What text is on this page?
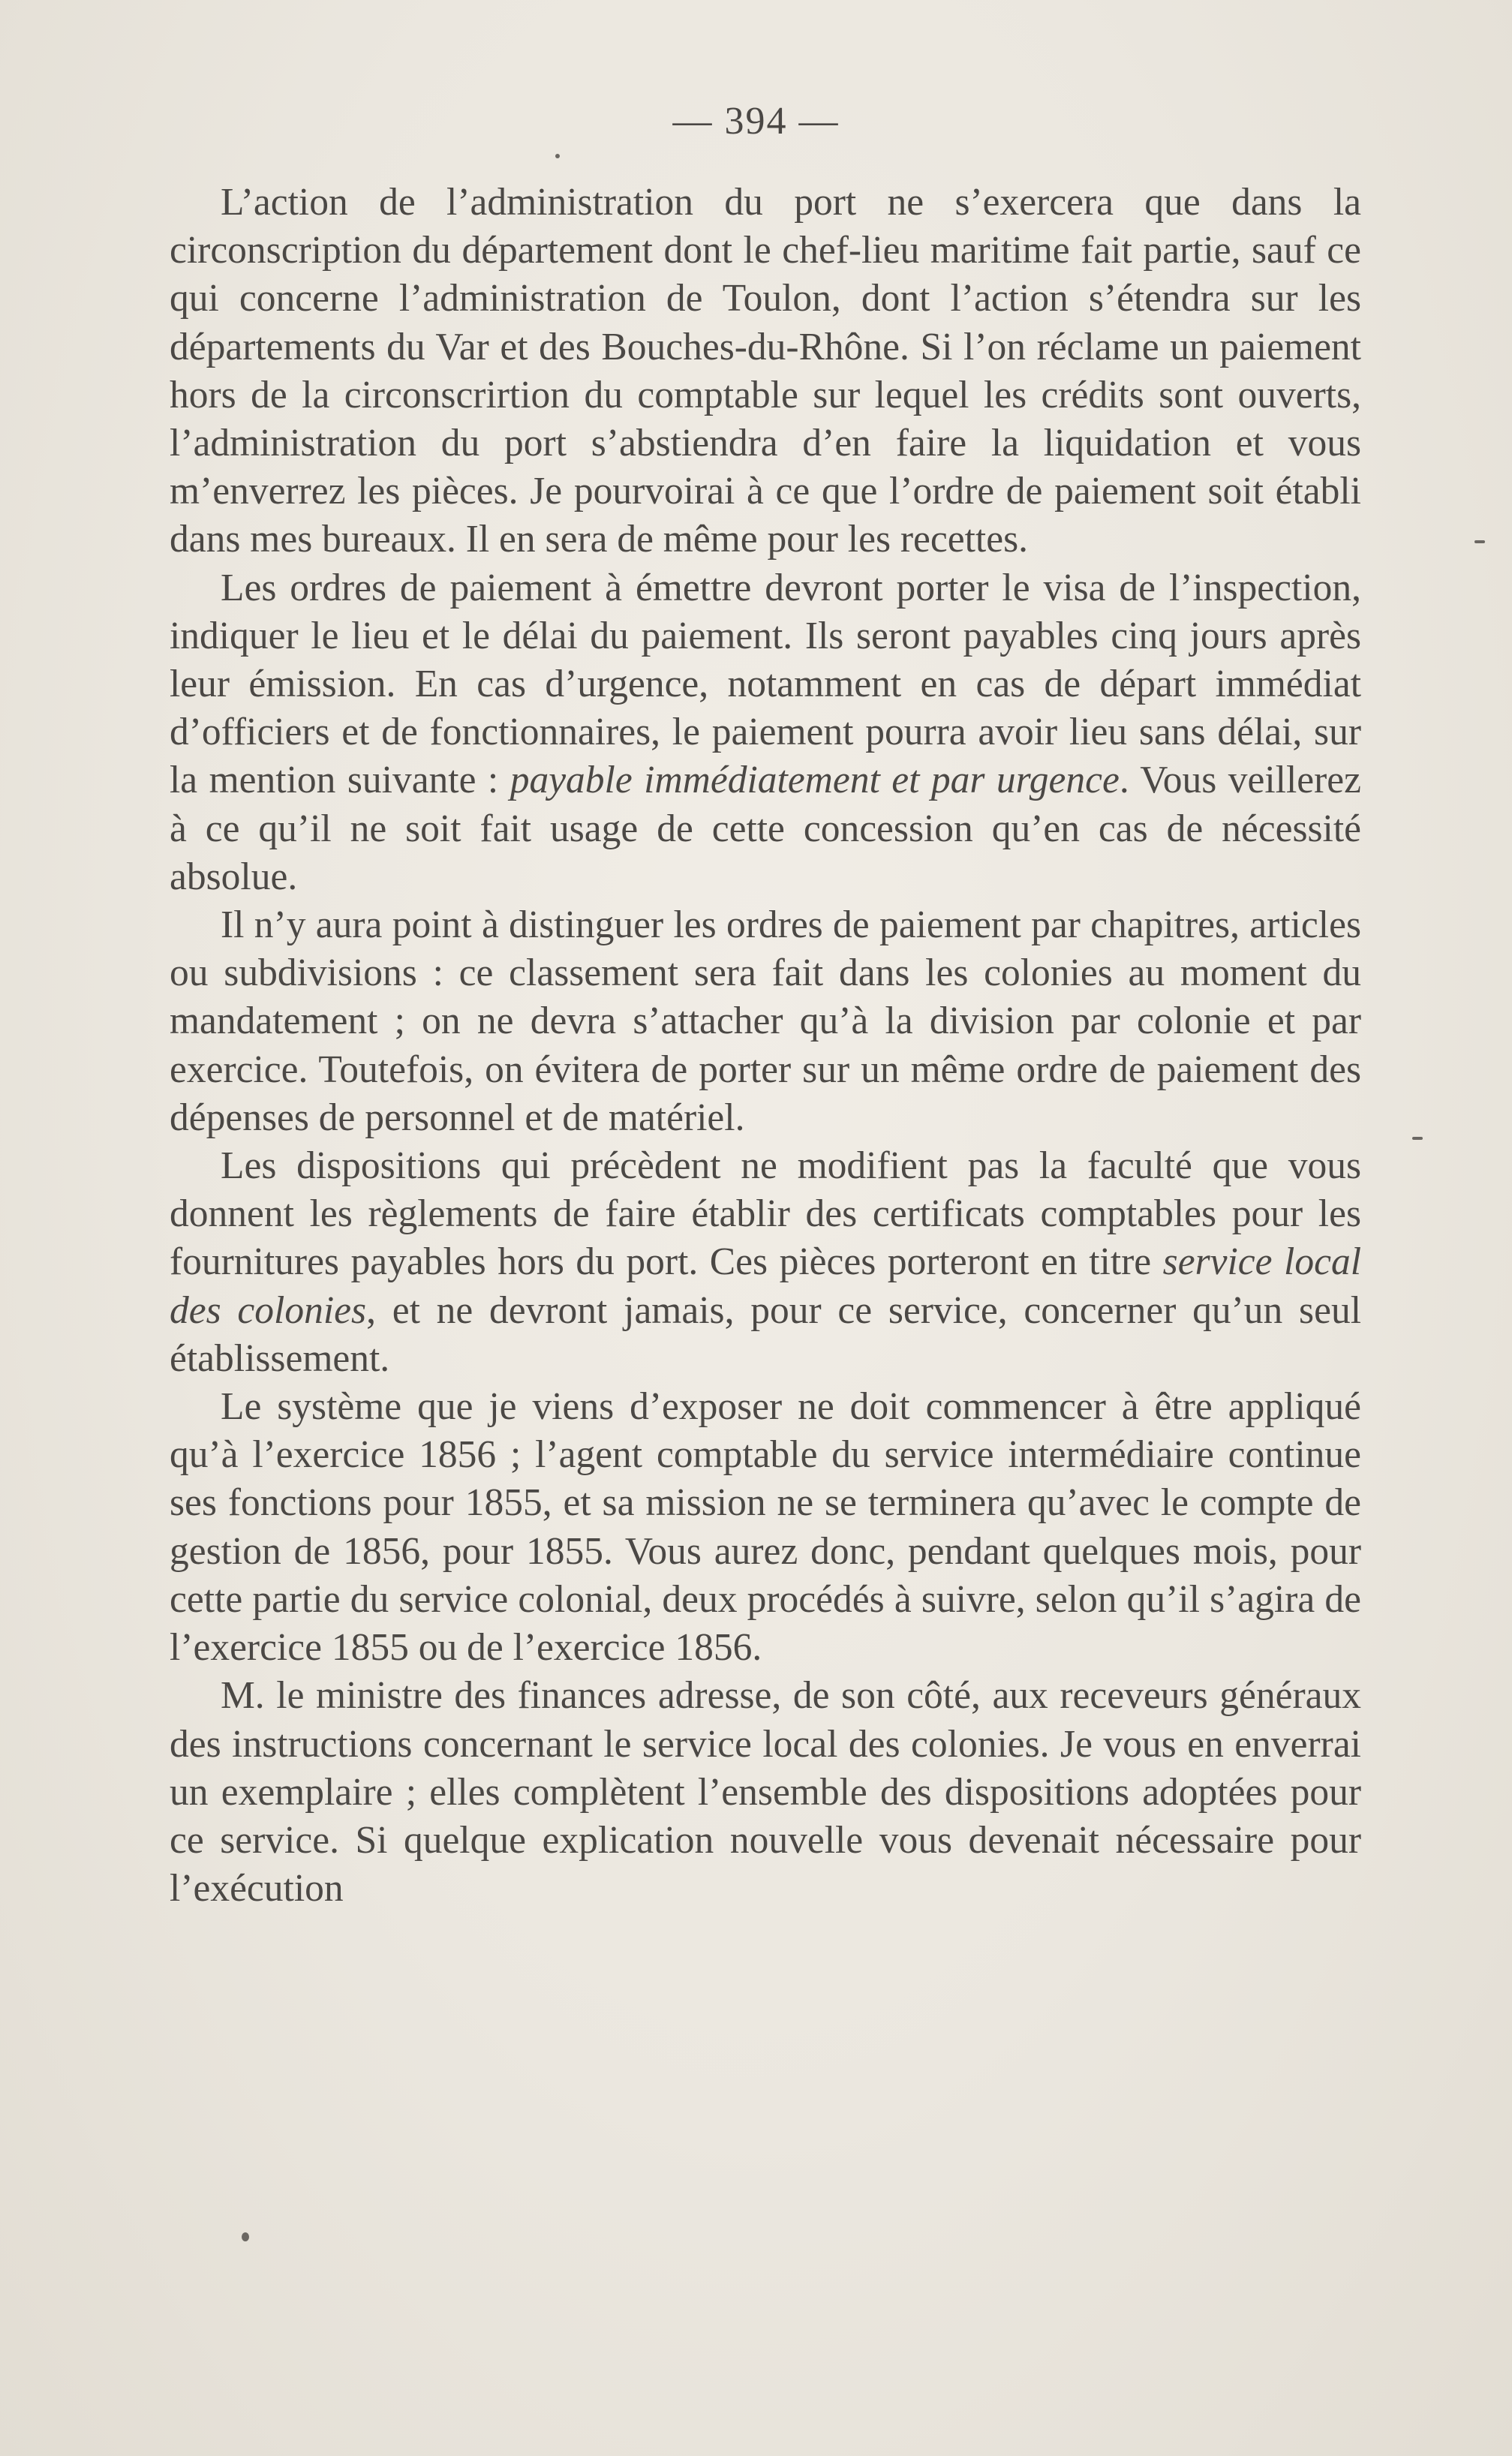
— 394 —

L’action de l’administration du port ne s’exercera que dans la circonscription du département dont le chef-lieu maritime fait partie, sauf ce qui concerne l’administration de Toulon, dont l’action s’étendra sur les départements du Var et des Bouches-du-Rhône. Si l’on réclame un paiement hors de la circonscrirtion du comptable sur lequel les crédits sont ouverts, l’administration du port s’abstiendra d’en faire la liquidation et vous m’enverrez les pièces. Je pourvoirai à ce que l’ordre de paiement soit établi dans mes bureaux. Il en sera de même pour les recettes.

Les ordres de paiement à émettre devront porter le visa de l’inspection, indiquer le lieu et le délai du paiement. Ils seront payables cinq jours après leur émission. En cas d’urgence, notamment en cas de départ immédiat d’officiers et de fonctionnaires, le paiement pourra avoir lieu sans délai, sur la mention suivante : payable immédiatement et par urgence. Vous veillerez à ce qu’il ne soit fait usage de cette concession qu’en cas de nécessité absolue.

Il n’y aura point à distinguer les ordres de paiement par chapitres, articles ou subdivisions : ce classement sera fait dans les colonies au moment du mandatement ; on ne devra s’attacher qu’à la division par colonie et par exercice. Toutefois, on évitera de porter sur un même ordre de paiement des dépenses de personnel et de matériel.

Les dispositions qui précèdent ne modifient pas la faculté que vous donnent les règlements de faire établir des certificats comptables pour les fournitures payables hors du port. Ces pièces porteront en titre service local des colonies, et ne devront jamais, pour ce service, concerner qu’un seul établissement.

Le système que je viens d’exposer ne doit commencer à être appliqué qu’à l’exercice 1856 ; l’agent comptable du service intermédiaire continue ses fonctions pour 1855, et sa mission ne se terminera qu’avec le compte de gestion de 1856, pour 1855. Vous aurez donc, pendant quelques mois, pour cette partie du service colonial, deux procédés à suivre, selon qu’il s’agira de l’exercice 1855 ou de l’exercice 1856.

M. le ministre des finances adresse, de son côté, aux receveurs généraux des instructions concernant le service local des colonies. Je vous en enverrai un exemplaire ; elles complètent l’ensemble des dispositions adoptées pour ce service. Si quelque explication nouvelle vous devenait nécessaire pour l’exécution
